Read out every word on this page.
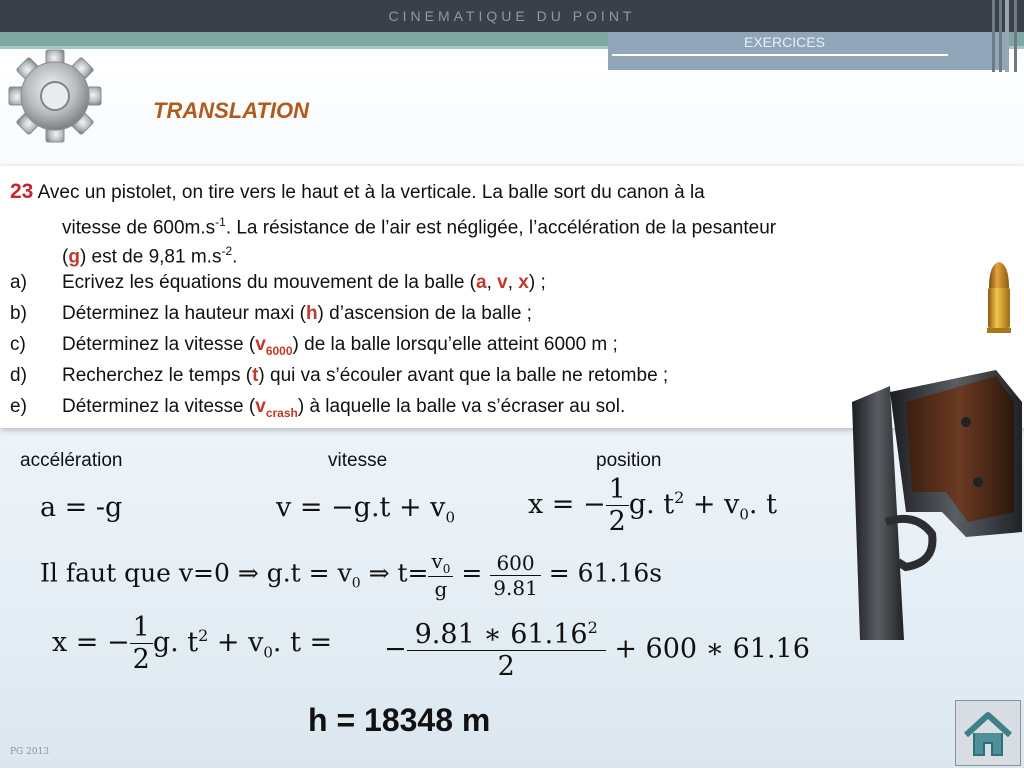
CINEMATIQUE DU POINT
EXERCICES
TRANSLATION

23 Avec un pistolet, on tire vers le haut et à la verticale. La balle sort du canon à la

vitesse de $600m.s^{-1}$. La résistance de l’air est négligée, l’accélération de la pesanteur

(g) est de 9,81 $m.s^{-2}$.

a) Ecrivez les équations du mouvement de la balle (a, v, x) ;
b) Déterminez la hauteur maxi (h) d’ascension de la balle ;
c) Déterminez la vitesse $(v_{6000})$ de la balle lorsqu’elle atteint 6000 m ;
d) Recherchez le temps (t) qui va s’écouler avant que la balle ne retombe ;
e) Déterminez la vitesse $(v_{crash})$ à laquelle la balle va s’écraser au sol.
accélération	vitesse	position
a = -g	$v = -g.t + v_0$	x = − $\frac{1}{2} g$. $t^2 + v_0$. t
Il faut que v=0 ⇒ $g.t = v_0$ ⇒ $t= \frac{v_0}{g} = \frac{600}{9.81} = 61.16s$
x = − $\frac{1}{2} g$. $t^2 + v_0$. t = − $\frac{9.81 ∗ 61.16^2}{2} + 600$ ∗ 61.16
h = 18348 m
PG 2013
